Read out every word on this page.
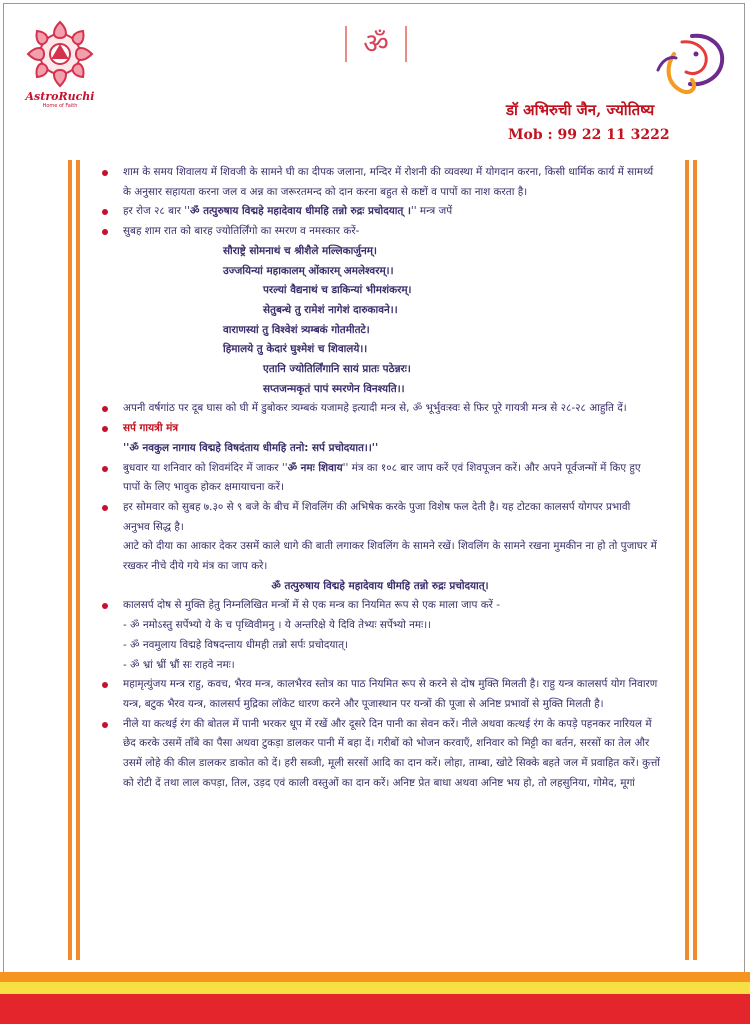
AstroRuchi
Home of Faith
ॐ
डॉ अभिरुची जैन, ज्योतिष्य
Mob : 99 22 11 3222
शाम के समय शिवालय में शिवजी के सामने घी का दीपक जलाना, मन्दिर में रोशनी की व्यवस्था में योगदान करना, किसी धार्मिक कार्य में सामर्थ्य के अनुसार सहायता करना जल व अन्न का जरूरतमन्द को दान करना बहुत से कष्टों व पापों का नाश करता है।
हर रोज २८ बार ''ॐ तत्पुरुषाय विद्महे महादेवाय धीमहि तन्नो रुद्रः प्रचोदयात् ।'' मन्त्र जपें
सुबह शाम रात को बारह ज्योतिर्लिंगो का स्मरण व नमस्कार करें-
सौराष्ट्रे सोमनाथं च श्रीशैले मल्लिकार्जुनम्।
उज्जयिन्यां महाकालम् ओंकारम् अमलेश्वरम्।।
परल्यां वैद्यनाथं च डाकिन्यां भीमशंकरम्।
सेतुबन्धे तु रामेशं नागेशं दारुकावने।।
वाराणस्यां तु विश्वेशं त्र्यम्बकं गोतमीतटे।
हिमालये तु केदारं घुश्मेशं च शिवालये।।
एतानि ज्योतिर्लिंगानि सायं प्रातः पठेन्नरः।
सप्तजन्मकृतं पापं स्मरणेन विनश्यति।।
अपनी वर्षगांठ पर दूब घास को घी में डुबोकर त्र्यम्बकं यजामहे इत्यादी मन्त्र से, ॐ भूर्भुवःस्वः से फिर पूरे गायत्री मन्त्र से २८-२८ आहुति दें।
सर्प गायत्री मंत्र
''ॐ नवकुल नागाय विद्महे विषदंताय धीमहि तनो: सर्प प्रचोदयात।।''
बुधवार या शनिवार को शिवमंदिर में जाकर ''ॐ नमः शिवाय'' मंत्र का १०८ बार जाप करें एवं शिवपूजन करें। और अपने पूर्वजन्मों में किए हुए पापों के लिए भावुक होकर क्षमायाचना करें।
हर सोमवार को सुबह ७.३० से ९ बजे के बीच में शिवलिंग की अभिषेक करके पुजा विशेष फल देती है। यह टोटका कालसर्प योगपर प्रभावी अनुभव सिद्ध है।
आटे को दीया का आकार देकर उसमें काले धागे की बाती लगाकर शिवलिंग के सामने रखें। शिवलिंग के सामने रखना मुमकीन ना हो तो पुजाघर में रखकर नीचे दीये गये मंत्र का जाप करे।
ॐ तत्पुरुषाय विद्महे महादेवाय धीमहि तन्नो रुद्रः प्रचोदयात्।
कालसर्प दोष से मुक्ति हेतु निम्नलिखित मन्त्रों में से एक मन्त्र का नियमित रूप से एक माला जाप करें -
- ॐ नमोऽस्तु सर्पेभ्यो ये के च पृथ्विवीमनु । ये अन्तरिक्षे ये दिवि तेभ्यः सर्पेभ्यो नमः।।
- ॐ नवमुलाय विद्महे विषदन्ताय धीमही तन्नो सर्पः प्रचोदयात्।
- ॐ भ्रां भ्रीं भ्रौं सः राहवे नमः।
महामृत्युंजय मन्त्र राहु, कवच, भैरव मन्त्र, कालभैरव स्तोत्र का पाठ नियमित रूप से करने से दोष मुक्ति मिलती है। राहु यन्त्र कालसर्प योग निवारण यन्त्र, बटुक भैरव यन्त्र, कालसर्प मुद्रिका लॉकेट धारण करने और पूजास्थान पर यन्त्रों की पूजा से अनिष्ट प्रभावों से मुक्ति मिलती है।
नीले या कत्थई रंग की बोतल में पानी भरकर धूप में रखें और दूसरे दिन पानी का सेवन करें। नीले अथवा कत्थई रंग के कपड़े पहनकर नारियल में छेद करके उसमें ताँबे का पैसा अथवा टुकड़ा डालकर पानी में बहा दें। गरीबों को भोजन करवाएँ, शनिवार को मिट्टी का बर्तन, सरसों का तेल और उसमें लोहे की कील डालकर डाकोत को दें। हरी सब्जी, मूली सरसों आदि का दान करें। लोहा, ताम्बा, खोटे सिक्के बहते जल में प्रवाहित करें। कुत्तों को रोटी दें तथा लाल कपड़ा, तिल, उड़द एवं काली वस्तुओं का दान करें। अनिष्ट प्रेत बाधा अथवा अनिष्ट भय हो, तो लहसुनिया, गोमेद, मूगां
